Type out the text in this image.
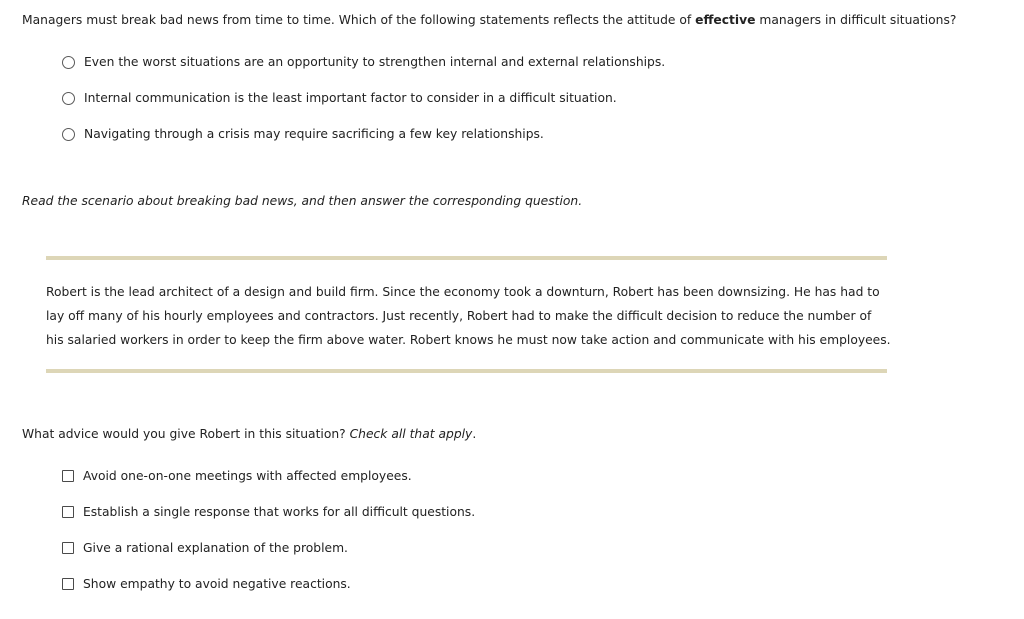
Managers must break bad news from time to time. Which of the following statements reflects the attitude of effective managers in difficult situations?
Even the worst situations are an opportunity to strengthen internal and external relationships.
Internal communication is the least important factor to consider in a difficult situation.
Navigating through a crisis may require sacrificing a few key relationships.
Read the scenario about breaking bad news, and then answer the corresponding question.
Robert is the lead architect of a design and build firm. Since the economy took a downturn, Robert has been downsizing. He has had to
lay off many of his hourly employees and contractors. Just recently, Robert had to make the difficult decision to reduce the number of
his salaried workers in order to keep the firm above water. Robert knows he must now take action and communicate with his employees.
What advice would you give Robert in this situation? Check all that apply.
Avoid one-on-one meetings with affected employees.
Establish a single response that works for all difficult questions.
Give a rational explanation of the problem.
Show empathy to avoid negative reactions.
